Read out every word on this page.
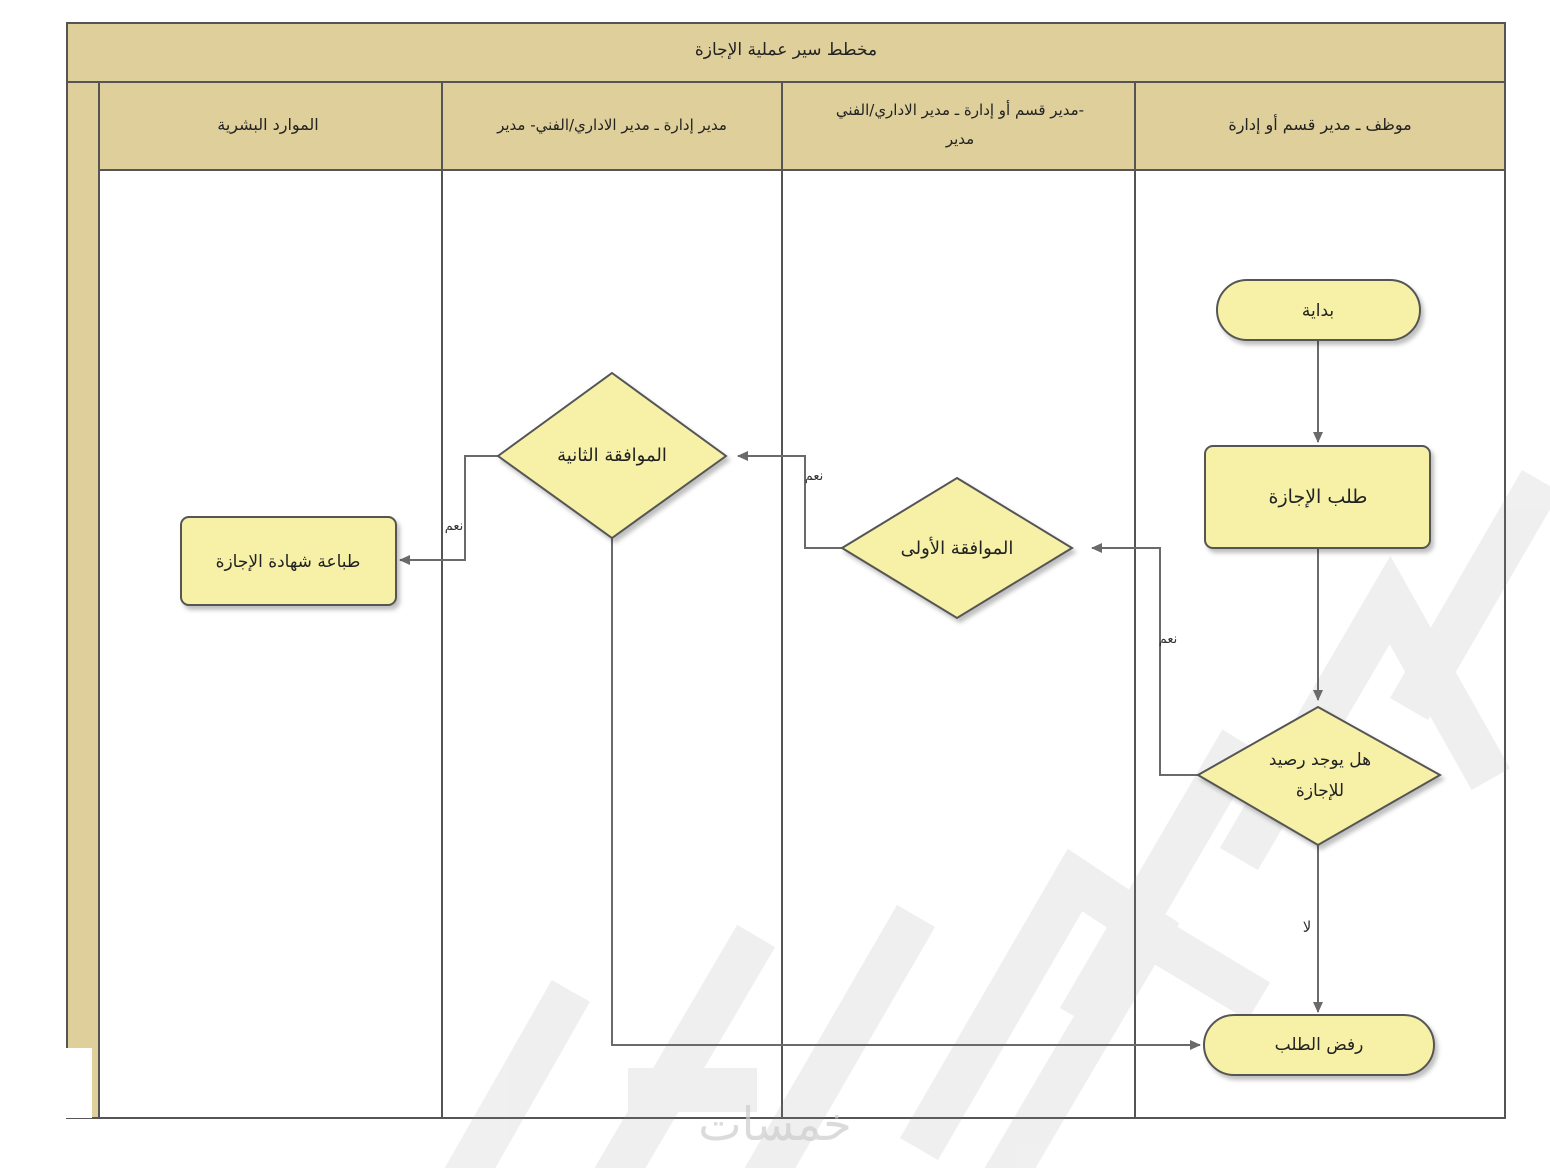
مخطط سير عملية الإجازة
موظف ـ مدير قسم أو إدارة
مدير قسم أو إدارة ـ مدير الاداري/الفني-
مدير
مدير إدارة ـ مدير الاداري/الفني- مدير
الموارد البشرية
خمسات
نعم
نعم
نعم
لا
بداية
طلب الإجازة
هل يوجد رصيد
للإجازة
الموافقة الأولى
الموافقة الثانية
طباعة شهادة الإجازة
رفض الطلب
